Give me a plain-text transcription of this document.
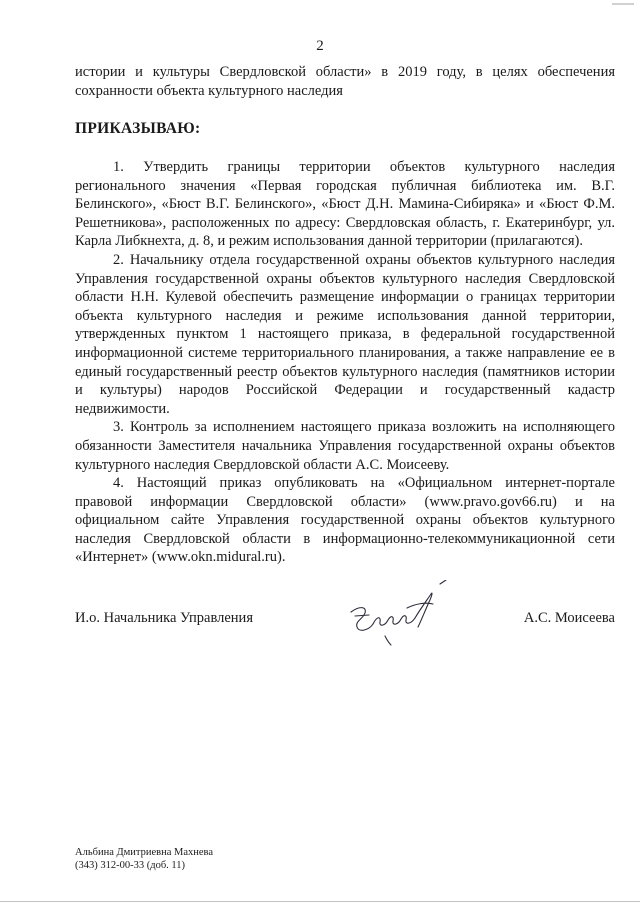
2

истории и культуры Свердловской области» в 2019 году, в целях обеспечения сохранности объекта культурного наследия

ПРИКАЗЫВАЮ:

1. Утвердить границы территории объектов культурного наследия регионального значения «Первая городская публичная библиотека им. В.Г. Белинского», «Бюст В.Г. Белинского», «Бюст Д.Н. Мамина-Сибиряка» и «Бюст Ф.М. Решетникова», расположенных по адресу: Свердловская область, г. Екатеринбург, ул. Карла Либкнехта, д. 8, и режим использования данной территории (прилагаются).

2. Начальнику отдела государственной охраны объектов культурного наследия Управления государственной охраны объектов культурного наследия Свердловской области Н.Н. Кулевой обеспечить размещение информации о границах территории объекта культурного наследия и режиме использования данной территории, утвержденных пунктом 1 настоящего приказа, в федеральной государственной информационной системе территориального планирования, а также направление ее в единый государственный реестр объектов культурного наследия (памятников истории и культуры) народов Российской Федерации и государственный кадастр недвижимости.

3. Контроль за исполнением настоящего приказа возложить на исполняющего обязанности Заместителя начальника Управления государственной охраны объектов культурного наследия Свердловской области А.С. Моисееву.

4. Настоящий приказ опубликовать на «Официальном интернет-портале правовой информации Свердловской области» (www.pravo.gov66.ru) и на официальном сайте Управления государственной охраны объектов культурного наследия Свердловской области в информационно-телекоммуникационной сети «Интернет» (www.okn.midural.ru).

И.о. Начальника Управления	А.С. Моисеева
Альбина Дмитриевна Махнева
(343) 312-00-33 (доб. 11)
